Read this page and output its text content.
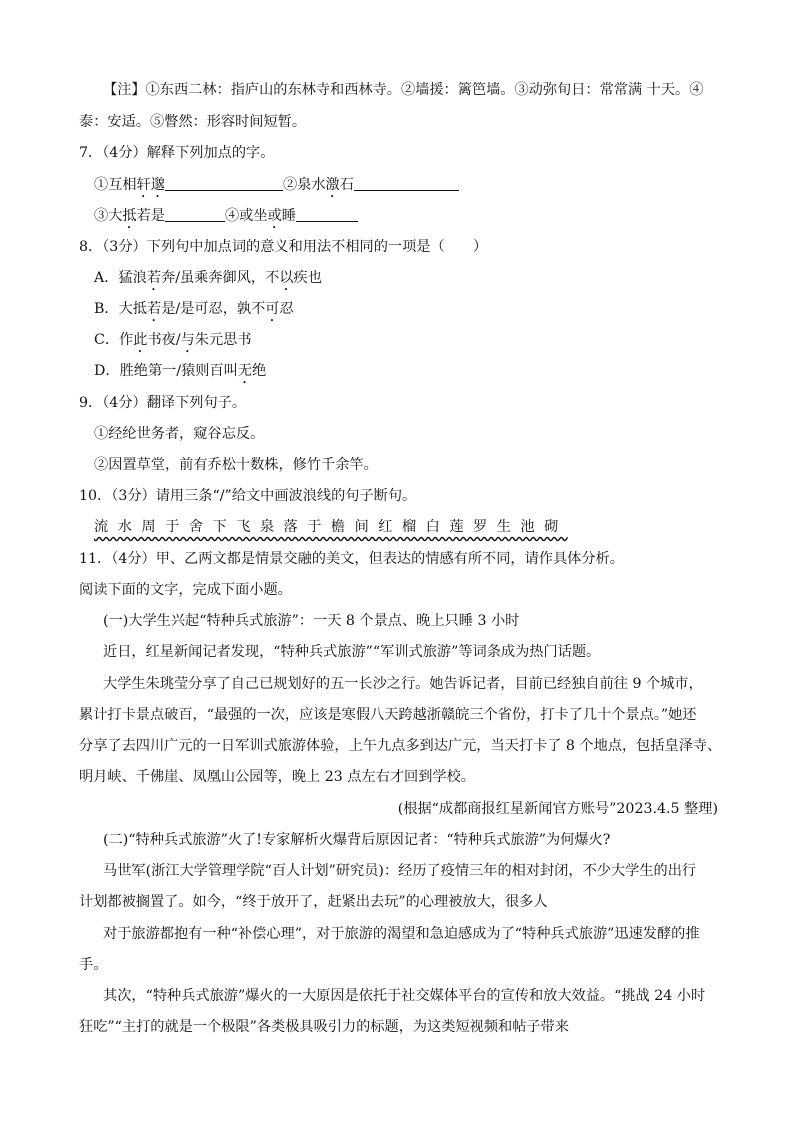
【注】①东西二林：指庐山的东林寺和西林寺。②墙援：篱笆墙。③动弥旬日：常常满 十天。④
泰：安适。⑤瞥然：形容时间短暂。
7．（4分）解释下列加点的字。
①互相轩邈	②泉水激石
③大抵若是	④或坐或睡
8．（3分）下列句中加点词的意义和用法不相同的一项是（　　）
A．猛浪若奔/虽乘奔御风，不以疾也
B．大抵若是/是可忍，孰不可忍
C．作此书夜/与朱元思书
D．胜绝第一/猿则百叫无绝
9．（4分）翻译下列句子。
①经纶世务者，窥谷忘反。
②因置草堂，前有乔松十数株，修竹千余竿。
10．（3分）请用三条“/”给文中画波浪线的句子断句。
流水周于舍下飞泉落于檐间红榴白莲罗生池砌
11．（4分）甲、乙两文都是情景交融的美文，但表达的情感有所不同，请作具体分析。
阅读下面的文字，完成下面小题。
(一)大学生兴起“特种兵式旅游”：一天 8 个景点、晚上只睡 3 小时
近日，红星新闻记者发现，“特种兵式旅游”“军训式旅游”等词条成为热门话题。
大学生朱珧莹分享了自己已规划好的五一长沙之行。她告诉记者，目前已经独自前往 9 个城市，
累计打卡景点破百，“最强的一次，应该是寒假八天跨越浙赣皖三个省份，打卡了几十个景点。”她还
分享了去四川广元的一日军训式旅游体验，上午九点多到达广元，当天打卡了 8 个地点，包括皇泽寺、
明月峡、千佛崖、凤凰山公园等，晚上 23 点左右才回到学校。
(根据“成都商报红星新闻官方账号”2023.4.5 整理)
(二)“特种兵式旅游”火了!专家解析火爆背后原因记者：“特种兵式旅游”为何爆火?
马世军(浙江大学管理学院“百人计划”研究员)：经历了疫情三年的相对封闭，不少大学生的出行
计划都被搁置了。如今，“终于放开了，赶紧出去玩”的心理被放大，很多人
对于旅游都抱有一种“补偿心理”，对于旅游的渴望和急迫感成为了“特种兵式旅游”迅速发酵的推
手。
其次，“特种兵式旅游”爆火的一大原因是依托于社交媒体平台的宣传和放大效益。“挑战 24 小时
狂吃”“主打的就是一个极限”各类极具吸引力的标题，为这类短视频和帖子带来
